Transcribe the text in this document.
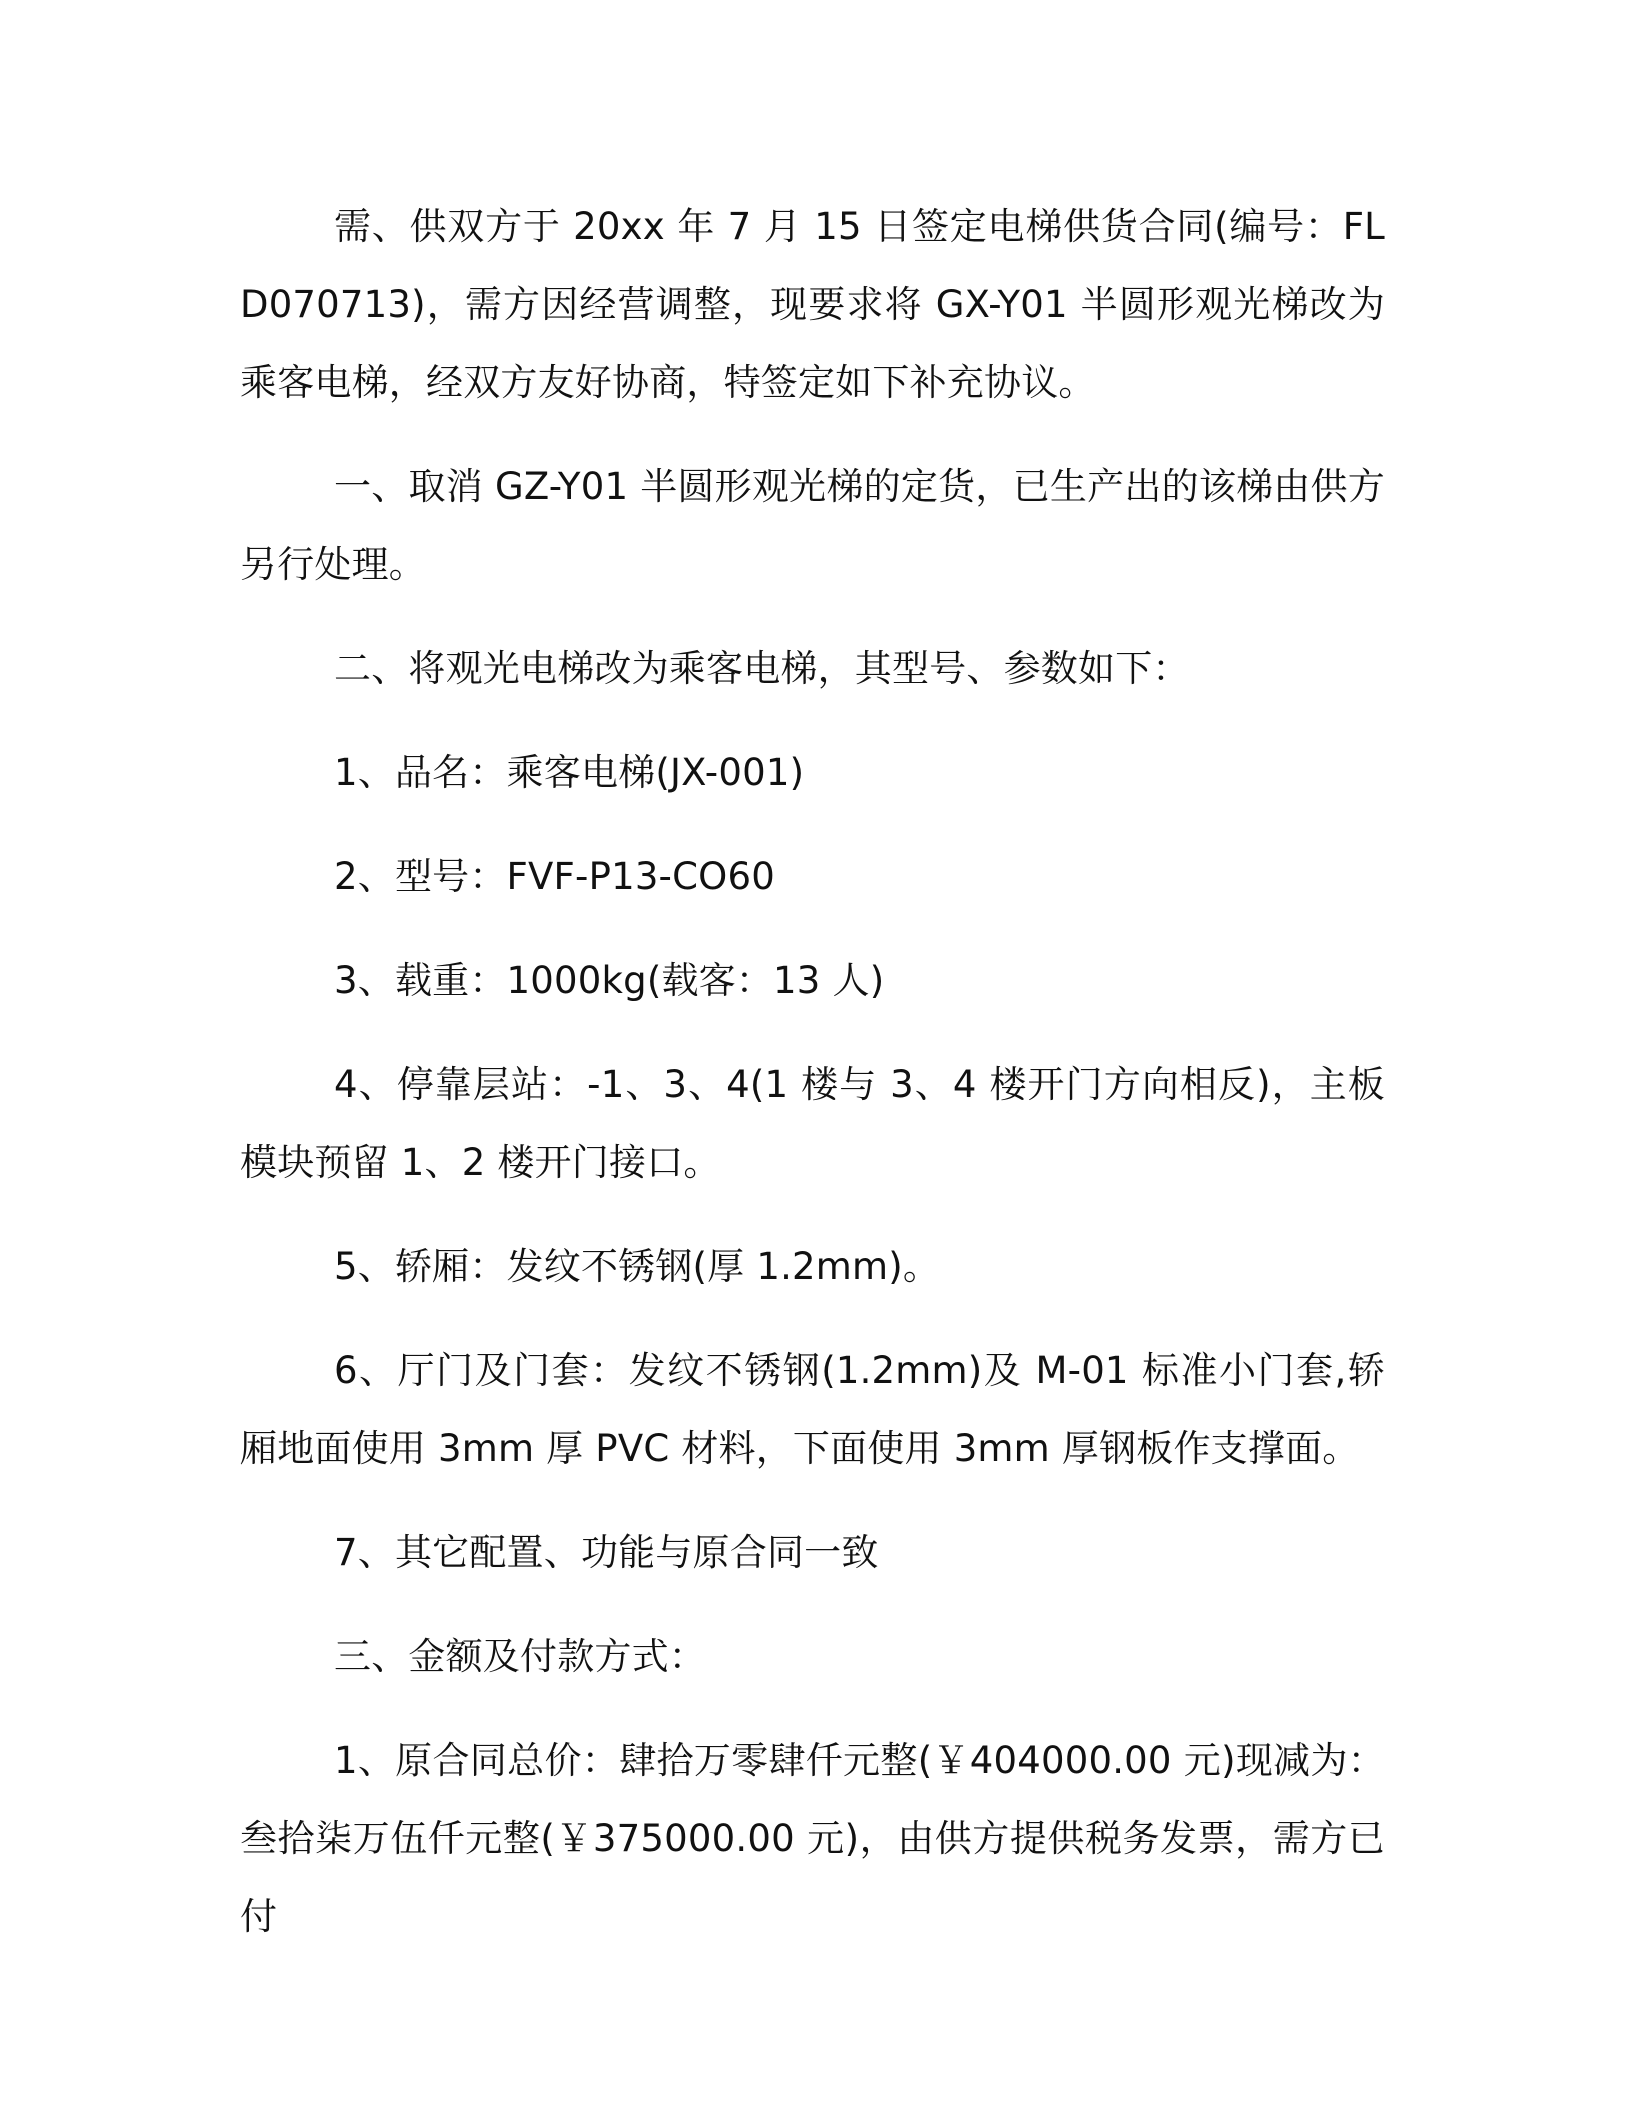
需、供双方于 20xx 年 7 月 15 日签定电梯供货合同(编号：FLD070713)，需方因经营调整，现要求将 GX-Y01 半圆形观光梯改为乘客电梯，经双方友好协商，特签定如下补充协议。

一、取消 GZ-Y01 半圆形观光梯的定货，已生产出的该梯由供方另行处理。

二、将观光电梯改为乘客电梯，其型号、参数如下：

1、品名：乘客电梯(JX-001)

2、型号：FVF-P13-CO60

3、载重：1000kg(载客：13 人)

4、停靠层站：-1、3、4(1 楼与 3、4 楼开门方向相反)，主板模块预留 1、2 楼开门接口。

5、轿厢：发纹不锈钢(厚 1.2mm)。

6、厅门及门套：发纹不锈钢(1.2mm)及 M-01 标准小门套,轿厢地面使用 3mm 厚 PVC 材料，下面使用 3mm 厚钢板作支撑面。

7、其它配置、功能与原合同一致

三、金额及付款方式：

1、原合同总价：肆拾万零肆仟元整(￥404000.00 元)现减为：叁拾柒万伍仟元整(￥375000.00 元)，由供方提供税务发票，需方已付
